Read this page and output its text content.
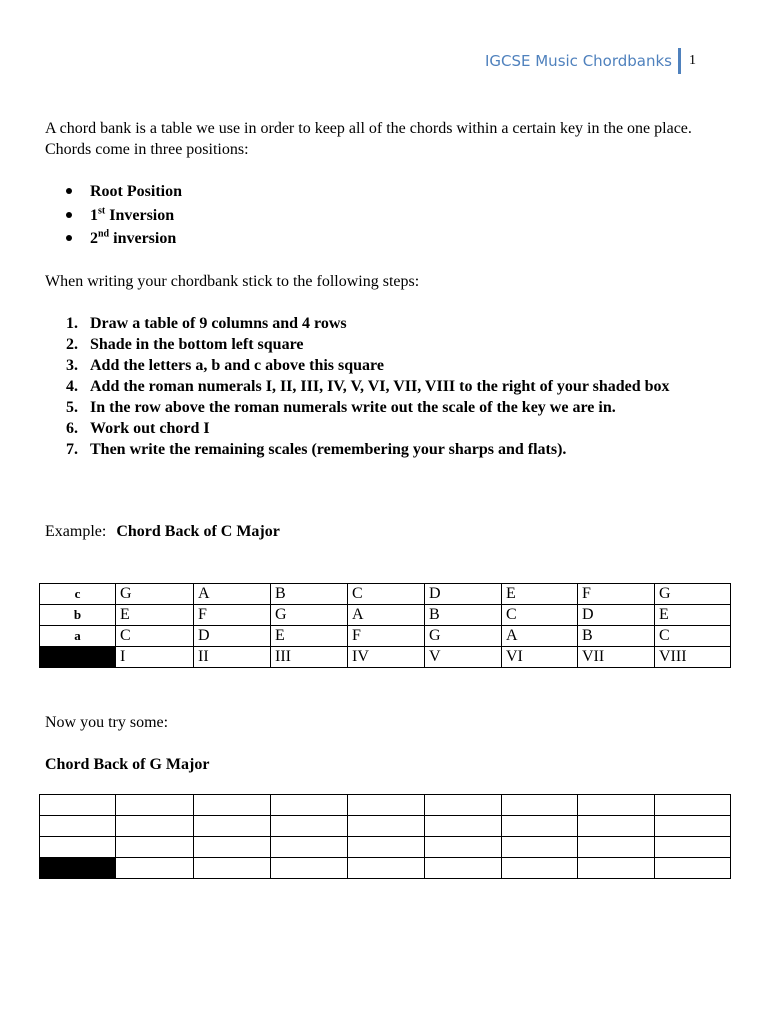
IGCSE Music Chordbanks 1

A chord bank is a table we use in order to keep all of the chords within a certain key in the one place. Chords come in three positions:

Root Position
1st Inversion
2nd inversion

When writing your chordbank stick to the following steps:

1. Draw a table of 9 columns and 4 rows
2. Shade in the bottom left square
3. Add the letters a, b and c above this square
4. Add the roman numerals I, II, III, IV, V, VI, VII, VIII to the right of your shaded box
5. In the row above the roman numerals write out the scale of the key we are in.
6. Work out chord I
7. Then write the remaining scales (remembering your sharps and flats).

Example: Chord Back of C Major

c	G	A	B	C	D	E	F	G
b	E	F	G	A	B	C	D	E
a	C	D	E	F	G	A	B	C
	I	II	III	IV	V	VI	VII	VIII

Now you try some:

Chord Back of G Major
